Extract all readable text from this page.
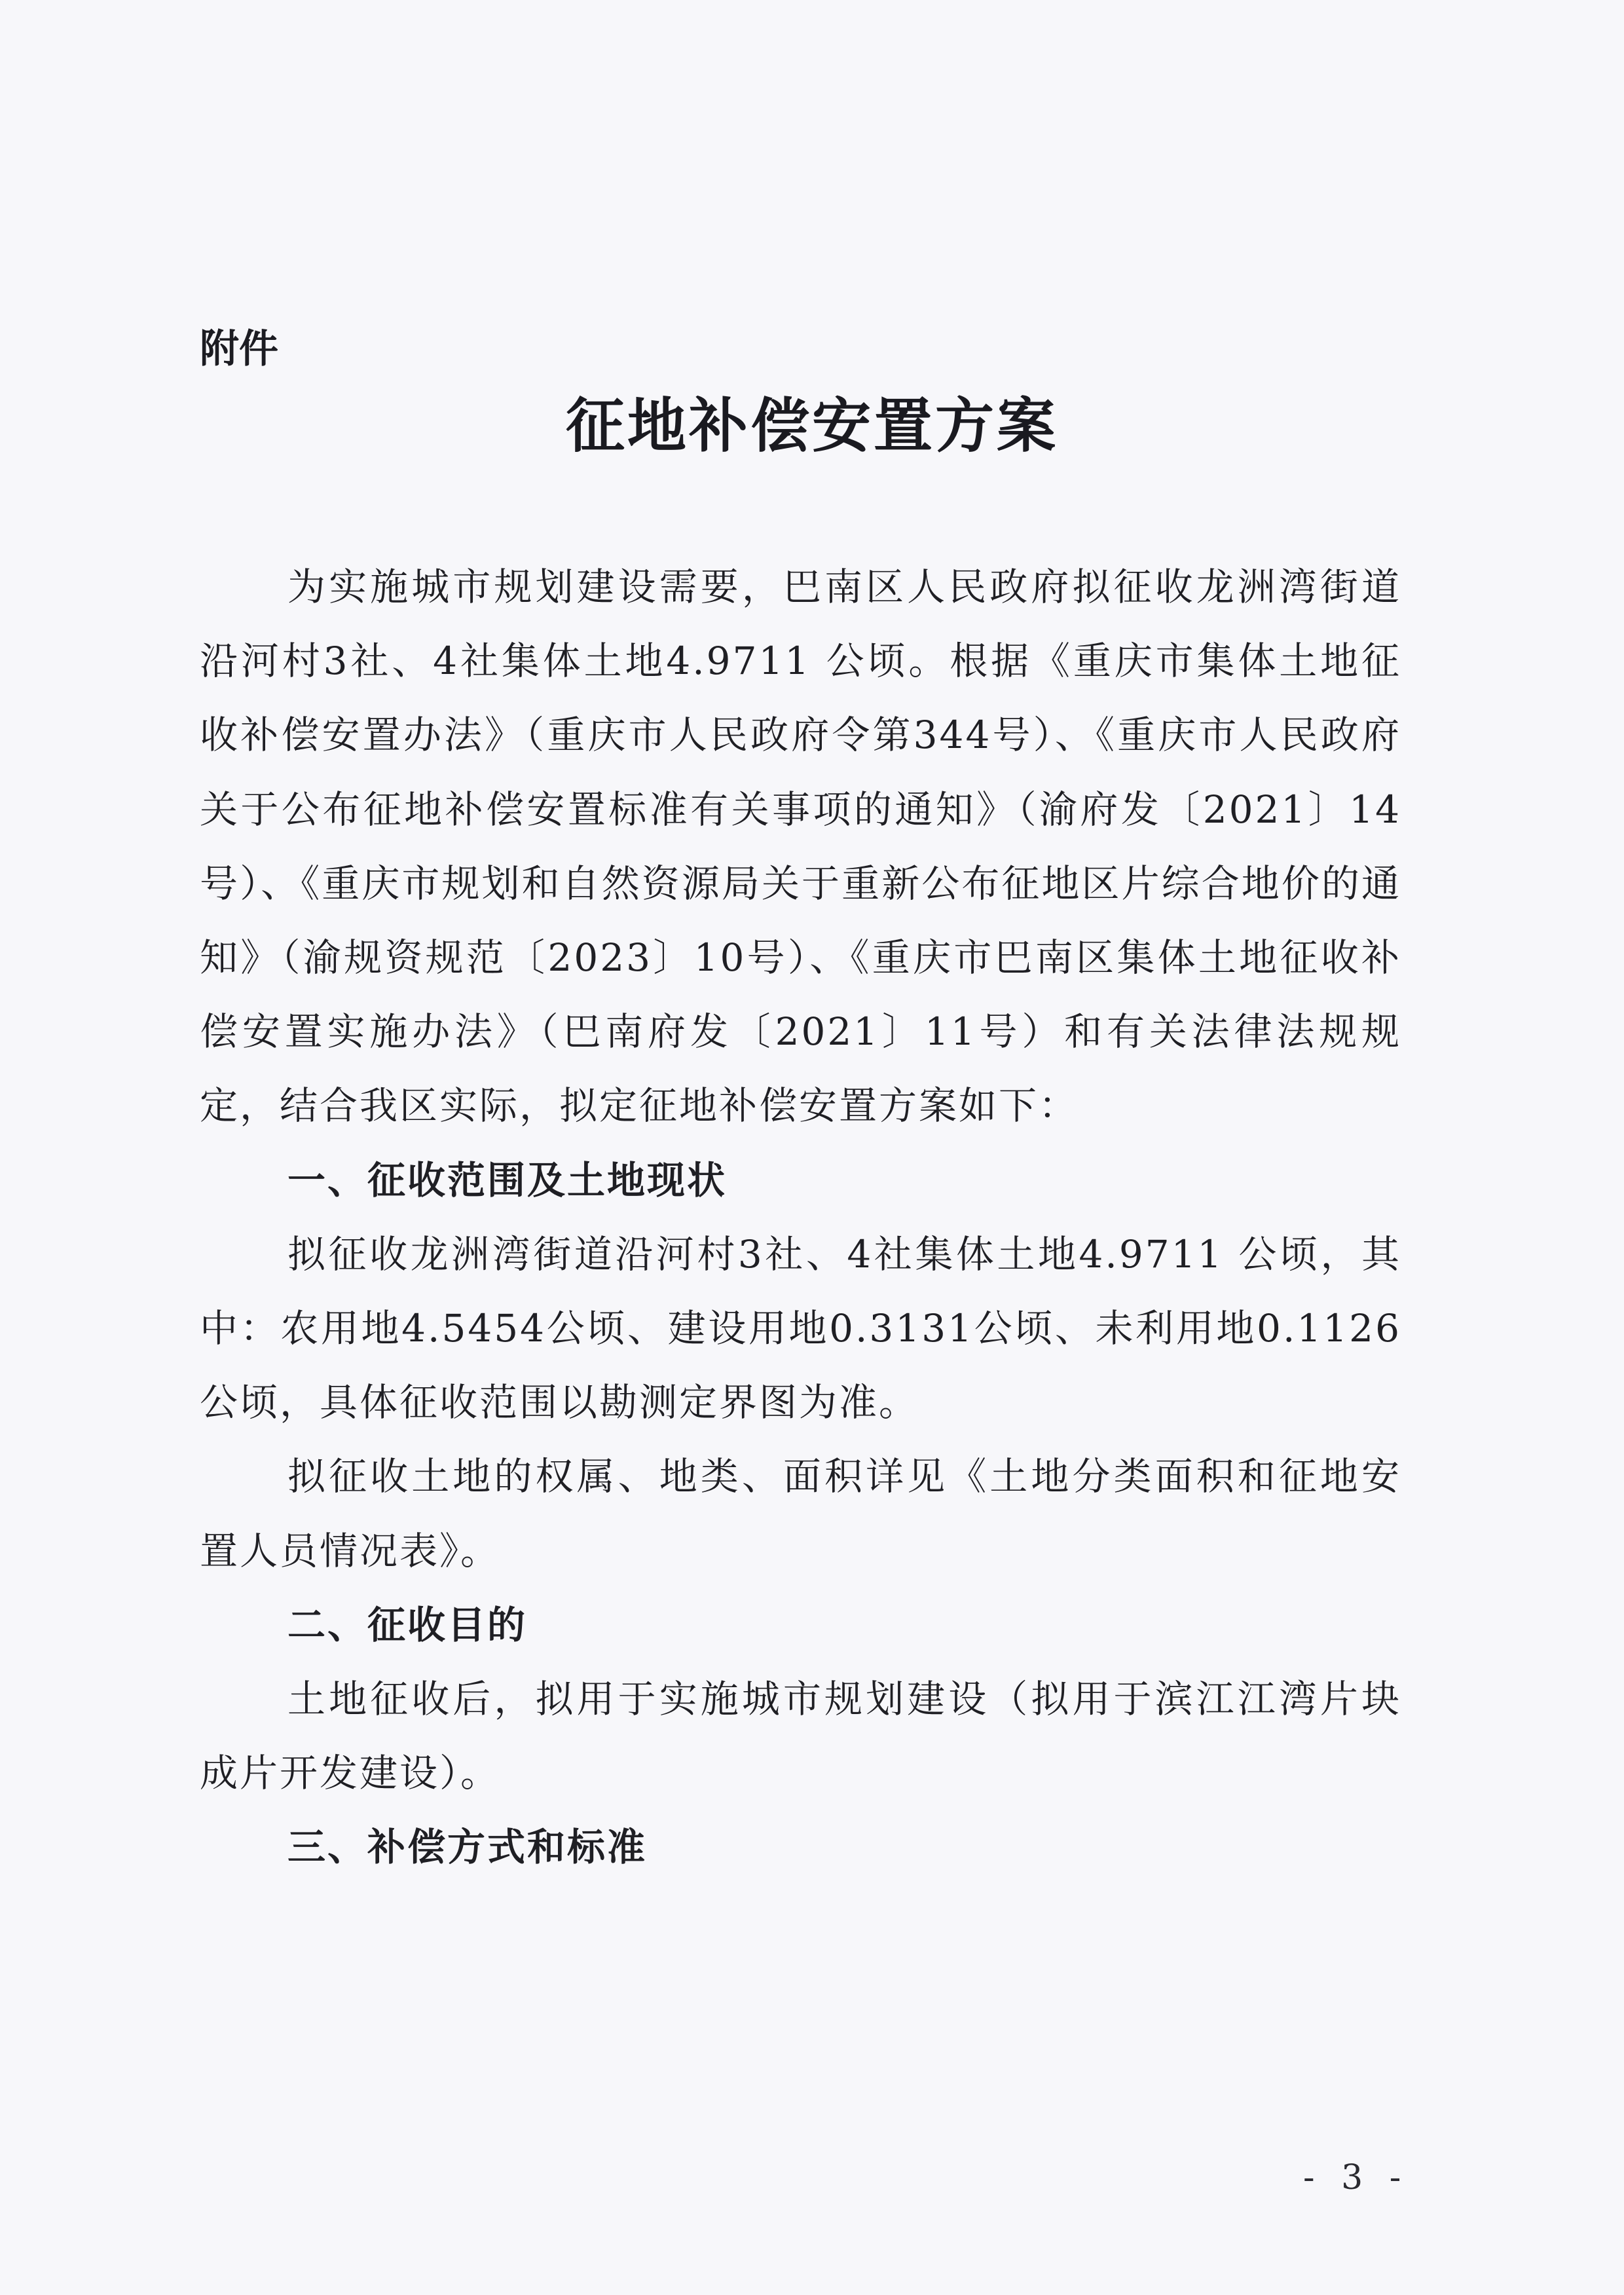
附件
征地补偿安置方案

为实施城市规划建设需要，巴南区人民政府拟征收龙洲湾街道沿河村3社、4社集体土地4.9711 公顷。根据《重庆市集体土地征收补偿安置办法》（重庆市人民政府令第344号）、《重庆市人民政府关于公布征地补偿安置标准有关事项的通知》（渝府发〔2021〕14号）、《重庆市规划和自然资源局关于重新公布征地区片综合地价的通知》（渝规资规范〔2023〕10号）、《重庆市巴南区集体土地征收补偿安置实施办法》（巴南府发〔2021〕11号）和有关法律法规规定，结合我区实际，拟定征地补偿安置方案如下：

一、征收范围及土地现状

拟征收龙洲湾街道沿河村3社、4社集体土地4.9711 公顷，其中：农用地4.5454公顷、建设用地0.3131公顷、未利用地0.1126公顷，具体征收范围以勘测定界图为准。

拟征收土地的权属、地类、面积详见《土地分类面积和征地安置人员情况表》。

二、征收目的

土地征收后，拟用于实施城市规划建设（拟用于滨江江湾片块成片开发建设）。

三、补偿方式和标准
- 3 -
